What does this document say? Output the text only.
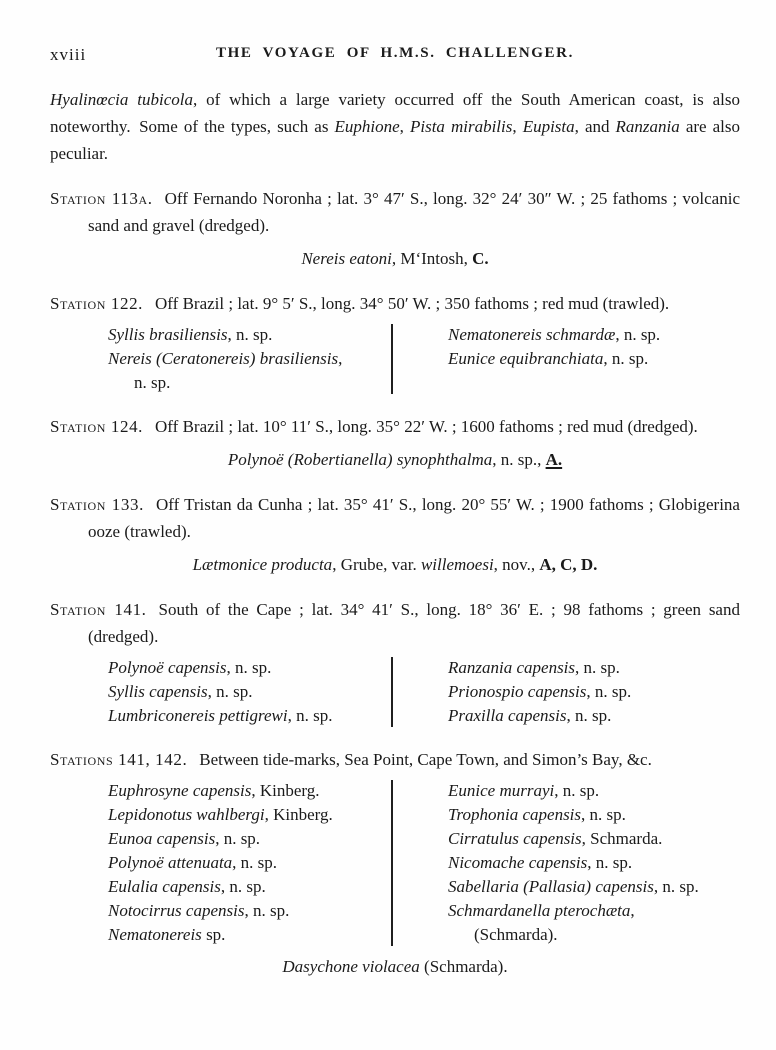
xviii	THE VOYAGE OF H.M.S. CHALLENGER.

Hyalinœcia tubicola, of which a large variety occurred off the South American coast, is also noteworthy. Some of the types, such as Euphione, Pista mirabilis, Eupista, and Ranzania are also peculiar.

Station 113a. Off Fernando Noronha ; lat. 3° 47′ S., long. 32° 24′ 30″ W. ; 25 fathoms ; volcanic sand and gravel (dredged).

Nereis eatoni, M‘Intosh, C.

Station 122. Off Brazil ; lat. 9° 5′ S., long. 34° 50′ W. ; 350 fathoms ; red mud (trawled).

Syllis brasiliensis, n. sp.
Nereis (Ceratonereis) brasiliensis,
n. sp.
Nematonereis schmardæ, n. sp.
Eunice equibranchiata, n. sp.

Station 124. Off Brazil ; lat. 10° 11′ S., long. 35° 22′ W. ; 1600 fathoms ; red mud (dredged).

Polynoë (Robertianella) synophthalma, n. sp., A.

Station 133. Off Tristan da Cunha ; lat. 35° 41′ S., long. 20° 55′ W. ; 1900 fathoms ; Globigerina ooze (trawled).

Lætmonice producta, Grube, var. willemoesi, nov., A, C, D.

Station 141. South of the Cape ; lat. 34° 41′ S., long. 18° 36′ E. ; 98 fathoms ; green sand (dredged).

Polynoë capensis, n. sp.
Syllis capensis, n. sp.
Lumbriconereis pettigrewi, n. sp.
Ranzania capensis, n. sp.
Prionospio capensis, n. sp.
Praxilla capensis, n. sp.

Stations 141, 142. Between tide-marks, Sea Point, Cape Town, and Simon’s Bay, &c.

Euphrosyne capensis, Kinberg.
Lepidonotus wahlbergi, Kinberg.
Eunoa capensis, n. sp.
Polynoë attenuata, n. sp.
Eulalia capensis, n. sp.
Notocirrus capensis, n. sp.
Nematonereis sp.
Eunice murrayi, n. sp.
Trophonia capensis, n. sp.
Cirratulus capensis, Schmarda.
Nicomache capensis, n. sp.
Sabellaria (Pallasia) capensis, n. sp.
Schmardanella pterochæta,
(Schmarda).

Dasychone violacea (Schmarda).
